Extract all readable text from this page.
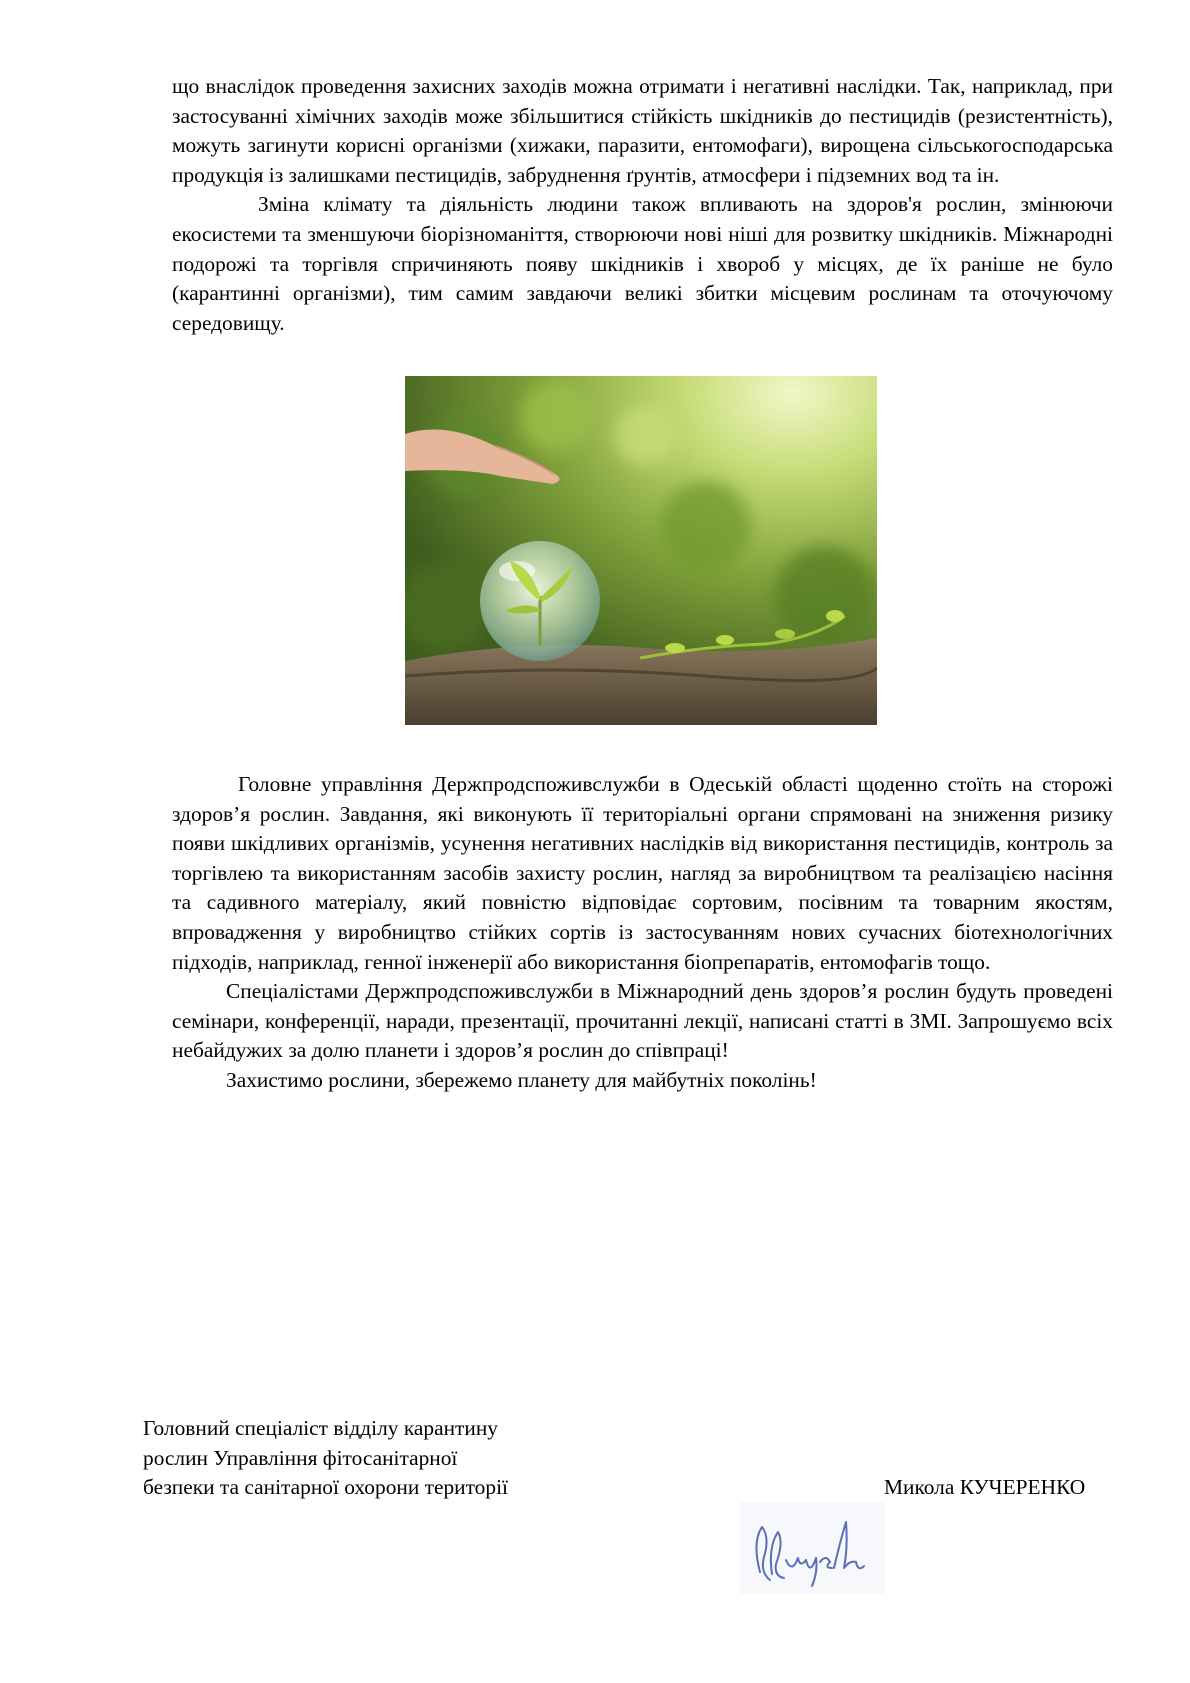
що внаслідок проведення захисних заходів можна отримати і негативні наслідки. Так, наприклад, при застосуванні хімічних заходів може збільшитися стійкість шкідників до пестицидів (резистентність), можуть загинути корисні організми (хижаки, паразити, ентомофаги), вирощена сільськогосподарська продукція із залишками пестицидів, забруднення ґрунтів, атмосфери і підземних вод та ін.

Зміна клімату та діяльність людини також впливають на здоров'я рослин, змінюючи екосистеми та зменшуючи біорізноманіття, створюючи нові ніші для розвитку шкідників. Міжнародні подорожі та торгівля спричиняють появу шкідників і хвороб у місцях, де їх раніше не було (карантинні організми), тим самим завдаючи великі збитки місцевим рослинам та оточуючому середовищу.

Головне управління Держпродспоживслужби в Одеській області щоденно стоїть на сторожі здоров’я рослин. Завдання, які виконують її територіальні органи спрямовані на зниження ризику появи шкідливих організмів, усунення негативних наслідків від використання пестицидів, контроль за торгівлею та використанням засобів захисту рослин, нагляд за виробництвом та реалізацією насіння та садивного матеріалу, який повністю відповідає сортовим, посівним та товарним якостям, впровадження у виробництво стійких сортів із застосуванням нових сучасних біотехнологічних підходів, наприклад, генної інженерії або використання біопрепаратів, ентомофагів тощо.

Спеціалістами Держпродспоживслужби в Міжнародний день здоров’я рослин будуть проведені семінари, конференції, наради, презентації, прочитанні лекції, написані статті в ЗМІ. Запрошуємо всіх небайдужих за долю планети і здоров’я рослин до співпраці!

Захистимо рослини, збережемо планету для майбутніх поколінь!

Головний спеціаліст відділу карантину
рослин Управління фітосанітарної
безпеки та санітарної охорони території	Микола КУЧЕРЕНКО
